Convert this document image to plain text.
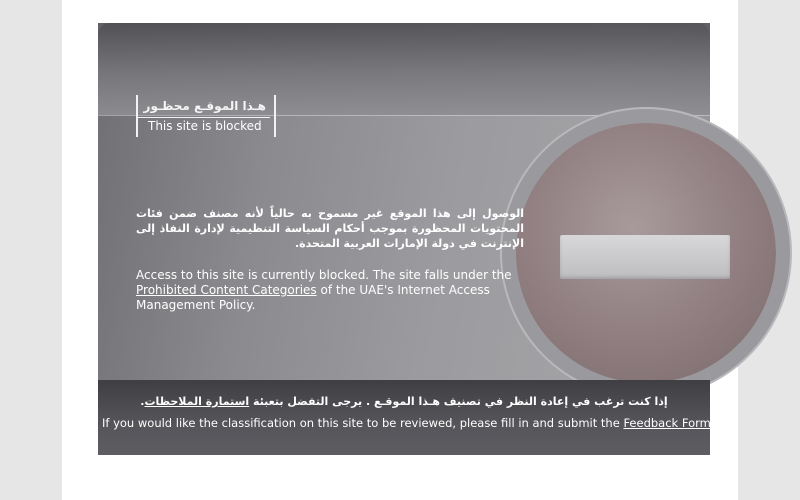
هـذا الموقـع محظـور
This site is blocked
الوصول إلى هذا الموقع غير مسموح به حالياً لأنه مصنف ضمن فئات المحتويات المحظورة بموجب أحكام السياسة التنظيمية لإدارة النفاذ إلى الإنترنت في دولة الإمارات العربية المتحدة.
Access to this site is currently blocked. The site falls under the Prohibited Content Categories of the UAE's Internet Access Management Policy.
إذا كنت ترغب في إعادة النظر في تصنيف هـذا الموقـع . يرجى التفضل بتعبئة استمارة الملاحظات.
If you would like the classification on this site to be reviewed, please fill in and submit the Feedback Form.
